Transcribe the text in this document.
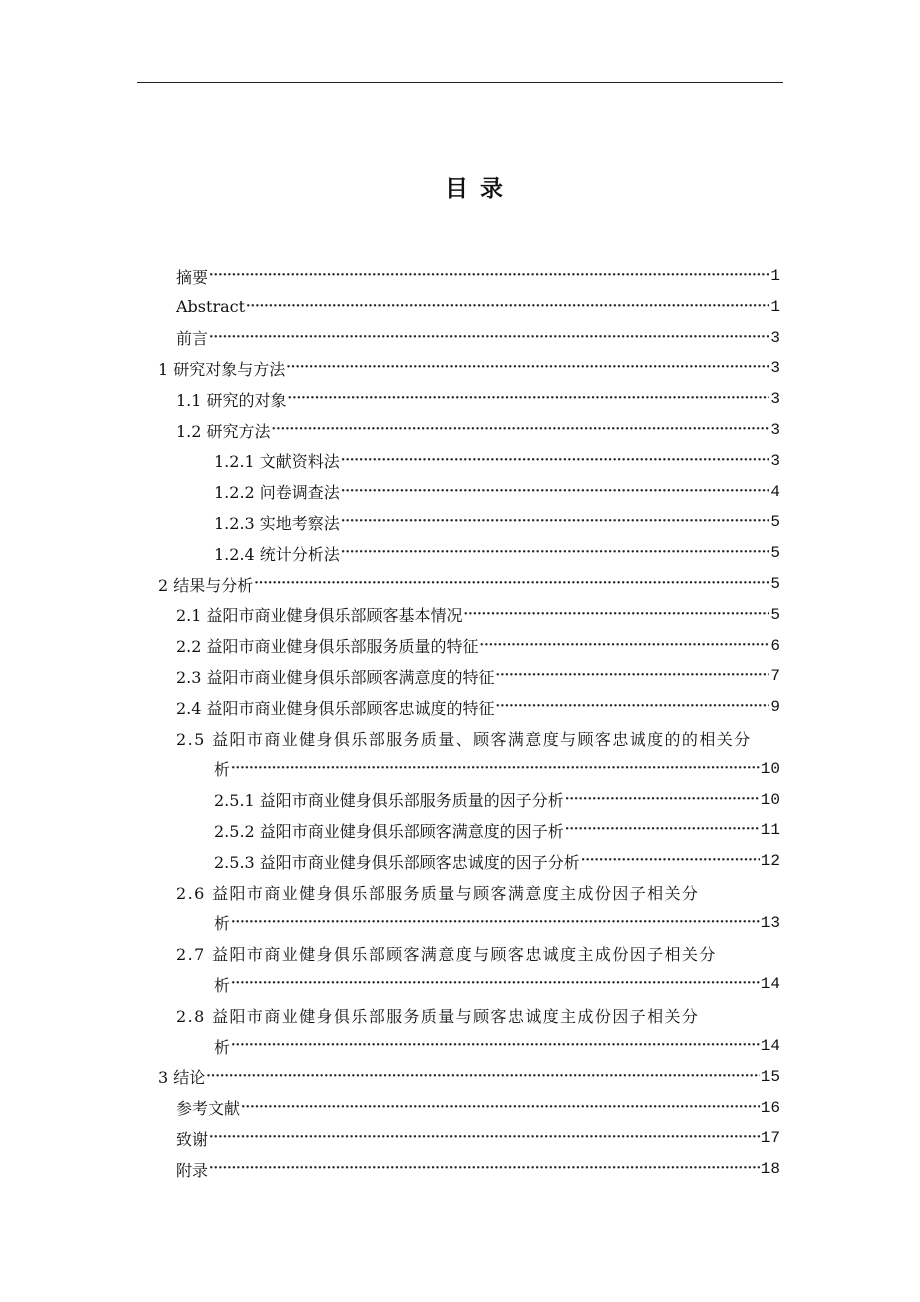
目 录
摘要 ·····	1
Abstract ·····	1
前言 ·····	3
1 研究对象与方法 ·····	3
1.1 研究的对象 ·····	3
1.2 研究方法 ·····	3
1.2.1 文献资料法 ·····	3
1.2.2 问卷调查法 ·····	4
1.2.3 实地考察法 ·····	5
1.2.4 统计分析法 ·····	5
2 结果与分析 ·····	5
2.1 益阳市商业健身俱乐部顾客基本情况 ·····	5
2.2 益阳市商业健身俱乐部服务质量的特征 ·····	6
2.3 益阳市商业健身俱乐部顾客满意度的特征 ·····	7
2.4 益阳市商业健身俱乐部顾客忠诚度的特征 ·····	9
2.5 益阳市商业健身俱乐部服务质量、顾客满意度与顾客忠诚度的的相关分
析 ·····	10
2.5.1 益阳市商业健身俱乐部服务质量的因子分析 ·····	10
2.5.2 益阳市商业健身俱乐部顾客满意度的因子析 ·····	11
2.5.3 益阳市商业健身俱乐部顾客忠诚度的因子分析 ·····	12
2.6 益阳市商业健身俱乐部服务质量与顾客满意度主成份因子相关分
析 ·····	13
2.7 益阳市商业健身俱乐部顾客满意度与顾客忠诚度主成份因子相关分
析 ·····	14
2.8 益阳市商业健身俱乐部服务质量与顾客忠诚度主成份因子相关分
析 ·····	14
3 结论 ·····	15
参考文献 ·····	16
致谢 ·····	17
附录 ·····	18
